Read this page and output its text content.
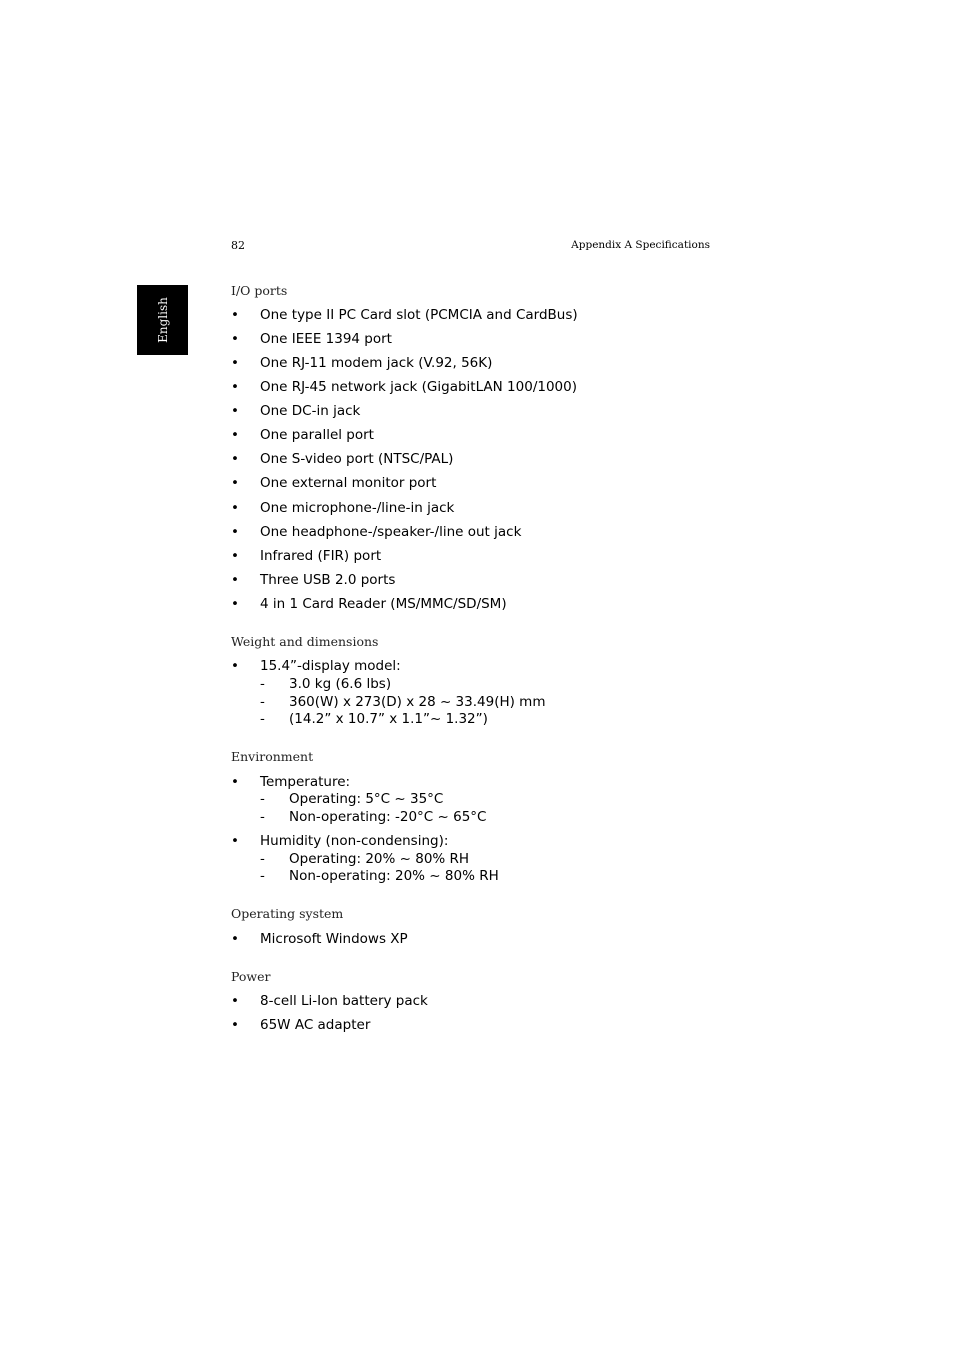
82	Appendix A Specifications
English
I/O ports
• One type II PC Card slot (PCMCIA and CardBus)
• One IEEE 1394 port
• One RJ-11 modem jack (V.92, 56K)
• One RJ-45 network jack (GigabitLAN 100/1000)
• One DC-in jack
• One parallel port
• One S-video port (NTSC/PAL)
• One external monitor port
• One microphone-/line-in jack
• One headphone-/speaker-/line out jack
• Infrared (FIR) port
• Three USB 2.0 ports
• 4 in 1 Card Reader (MS/MMC/SD/SM)
Weight and dimensions
• 15.4”-display model:
- 3.0 kg (6.6 lbs)
- 360(W) x 273(D) x 28 ~ 33.49(H) mm
- (14.2” x 10.7” x 1.1”~ 1.32”)
Environment
• Temperature:
- Operating: 5°C ~ 35°C
- Non-operating: -20°C ~ 65°C
• Humidity (non-condensing):
- Operating: 20% ~ 80% RH
- Non-operating: 20% ~ 80% RH
Operating system
• Microsoft Windows XP
Power
• 8-cell Li-Ion battery pack
• 65W AC adapter
